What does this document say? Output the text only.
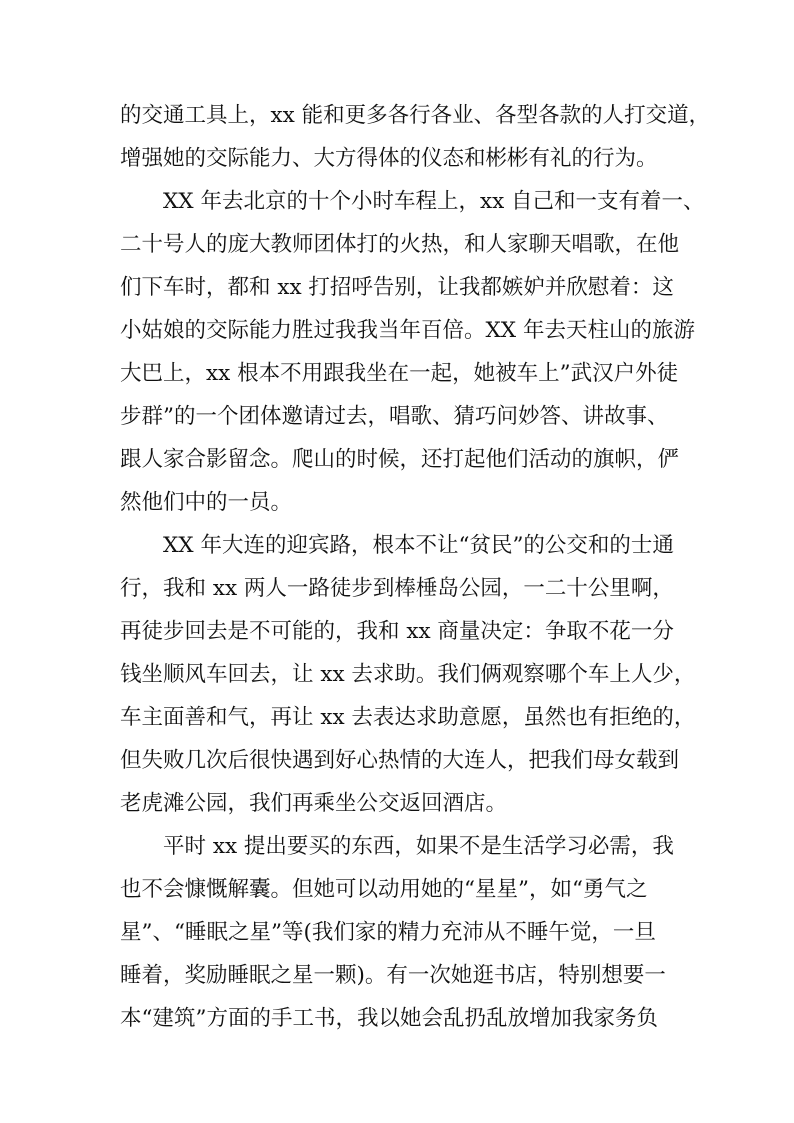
的交通工具上，xx 能和更多各行各业、各型各款的人打交道，
增强她的交际能力、大方得体的仪态和彬彬有礼的行为。
XX 年去北京的十个小时车程上，xx 自己和一支有着一、
二十号人的庞大教师团体打的火热，和人家聊天唱歌，在他
们下车时，都和 xx 打招呼告别，让我都嫉妒并欣慰着：这
小姑娘的交际能力胜过我我当年百倍。XX 年去天柱山的旅游
大巴上，xx 根本不用跟我坐在一起，她被车上”武汉户外徒
步群”的一个团体邀请过去，唱歌、猜巧问妙答、讲故事、
跟人家合影留念。爬山的时候，还打起他们活动的旗帜，俨
然他们中的一员。
XX 年大连的迎宾路，根本不让“贫民”的公交和的士通
行，我和 xx 两人一路徒步到棒棰岛公园，一二十公里啊，
再徒步回去是不可能的，我和 xx 商量决定：争取不花一分
钱坐顺风车回去，让 xx 去求助。我们俩观察哪个车上人少，
车主面善和气，再让 xx 去表达求助意愿，虽然也有拒绝的，
但失败几次后很快遇到好心热情的大连人，把我们母女载到
老虎滩公园，我们再乘坐公交返回酒店。
平时 xx 提出要买的东西，如果不是生活学习必需，我
也不会慷慨解囊。但她可以动用她的“星星”，如“勇气之
星”、“睡眠之星”等(我们家的精力充沛从不睡午觉，一旦
睡着，奖励睡眠之星一颗)。有一次她逛书店，特别想要一
本“建筑”方面的手工书，我以她会乱扔乱放增加我家务负
